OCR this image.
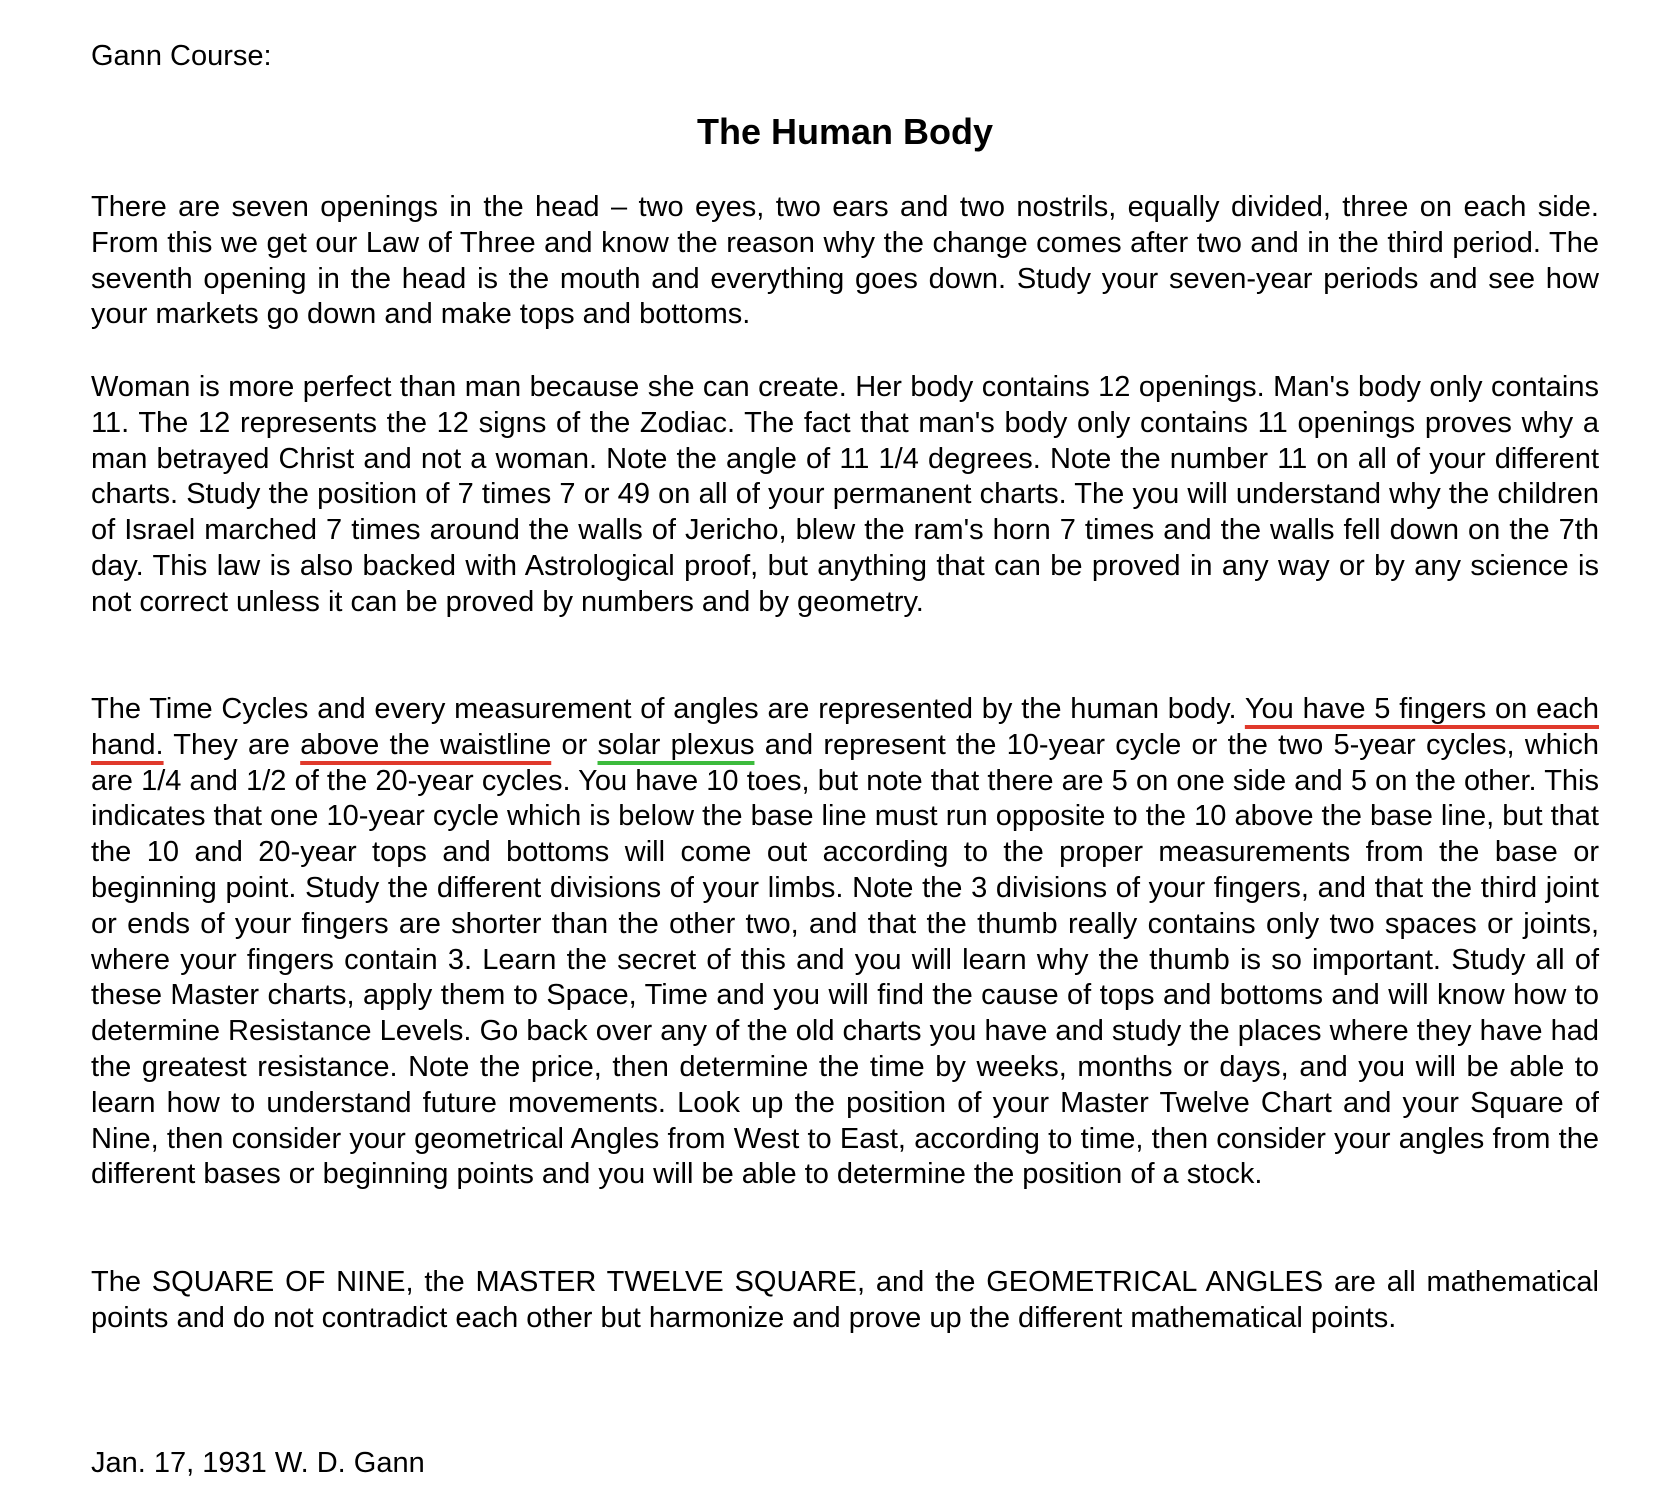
Gann Course:

The Human Body

There are seven openings in the head – two eyes, two ears and two nostrils, equally divided, three on each side. From this we get our Law of Three and know the reason why the change comes after two and in the third period. The seventh opening in the head is the mouth and everything goes down. Study your seven-year periods and see how your markets go down and make tops and bottoms.

Woman is more perfect than man because she can create. Her body contains 12 openings. Man's body only contains 11. The 12 represents the 12 signs of the Zodiac. The fact that man's body only contains 11 openings proves why a man betrayed Christ and not a woman. Note the angle of 11 1/4 degrees. Note the number 11 on all of your different charts. Study the position of 7 times 7 or 49 on all of your permanent charts. The you will understand why the children of Israel marched 7 times around the walls of Jericho, blew the ram's horn 7 times and the walls fell down on the 7th day. This law is also backed with Astrological proof, but anything that can be proved in any way or by any science is not correct unless it can be proved by numbers and by geometry.

The Time Cycles and every measurement of angles are represented by the human body. You have 5 fingers on each hand. They are above the waistline or solar plexus and represent the 10-year cycle or the two 5-year cycles, which are 1/4 and 1/2 of the 20-year cycles. You have 10 toes, but note that there are 5 on one side and 5 on the other. This indicates that one 10-year cycle which is below the base line must run opposite to the 10 above the base line, but that the 10 and 20-year tops and bottoms will come out according to the proper measurements from the base or beginning point. Study the different divisions of your limbs. Note the 3 divisions of your fingers, and that the third joint or ends of your fingers are shorter than the other two, and that the thumb really contains only two spaces or joints, where your fingers contain 3. Learn the secret of this and you will learn why the thumb is so important. Study all of these Master charts, apply them to Space, Time and you will find the cause of tops and bottoms and will know how to determine Resistance Levels. Go back over any of the old charts you have and study the places where they have had the greatest resistance. Note the price, then determine the time by weeks, months or days, and you will be able to learn how to understand future movements. Look up the position of your Master Twelve Chart and your Square of Nine, then consider your geometrical Angles from West to East, according to time, then consider your angles from the different bases or beginning points and you will be able to determine the position of a stock.

The SQUARE OF NINE, the MASTER TWELVE SQUARE, and the GEOMETRICAL ANGLES are all mathematical points and do not contradict each other but harmonize and prove up the different mathematical points.

Jan. 17, 1931 W. D. Gann
